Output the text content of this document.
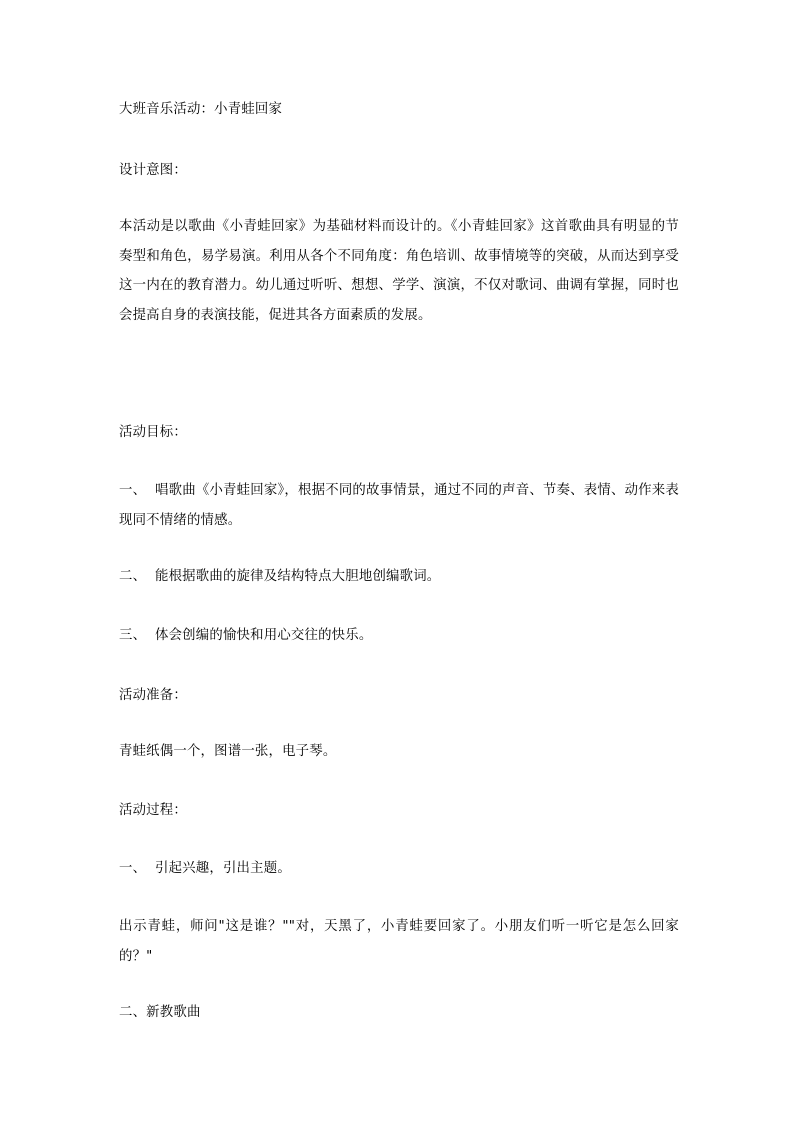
大班音乐活动：小青蛙回家
设计意图：
本活动是以歌曲《小青蛙回家》为基础材料而设计的。《小青蛙回家》这首歌曲具有明显的节奏型和角色，易学易演。利用从各个不同角度：角色培训、故事情境等的突破，从而达到享受这一内在的教育潜力。幼儿通过听听、想想、学学、演演，不仅对歌词、曲调有掌握，同时也会提高自身的表演技能，促进其各方面素质的发展。
活动目标：
一、 唱歌曲《小青蛙回家》，根据不同的故事情景，通过不同的声音、节奏、表情、动作来表现同不情绪的情感。
二、 能根据歌曲的旋律及结构特点大胆地创编歌词。
三、 体会创编的愉快和用心交往的快乐。
活动准备：
青蛙纸偶一个，图谱一张，电子琴。
活动过程：
一、 引起兴趣，引出主题。
出示青蛙，师问"这是谁？""对，天黑了，小青蛙要回家了。小朋友们听一听它是怎么回家的？"
二、新教歌曲
